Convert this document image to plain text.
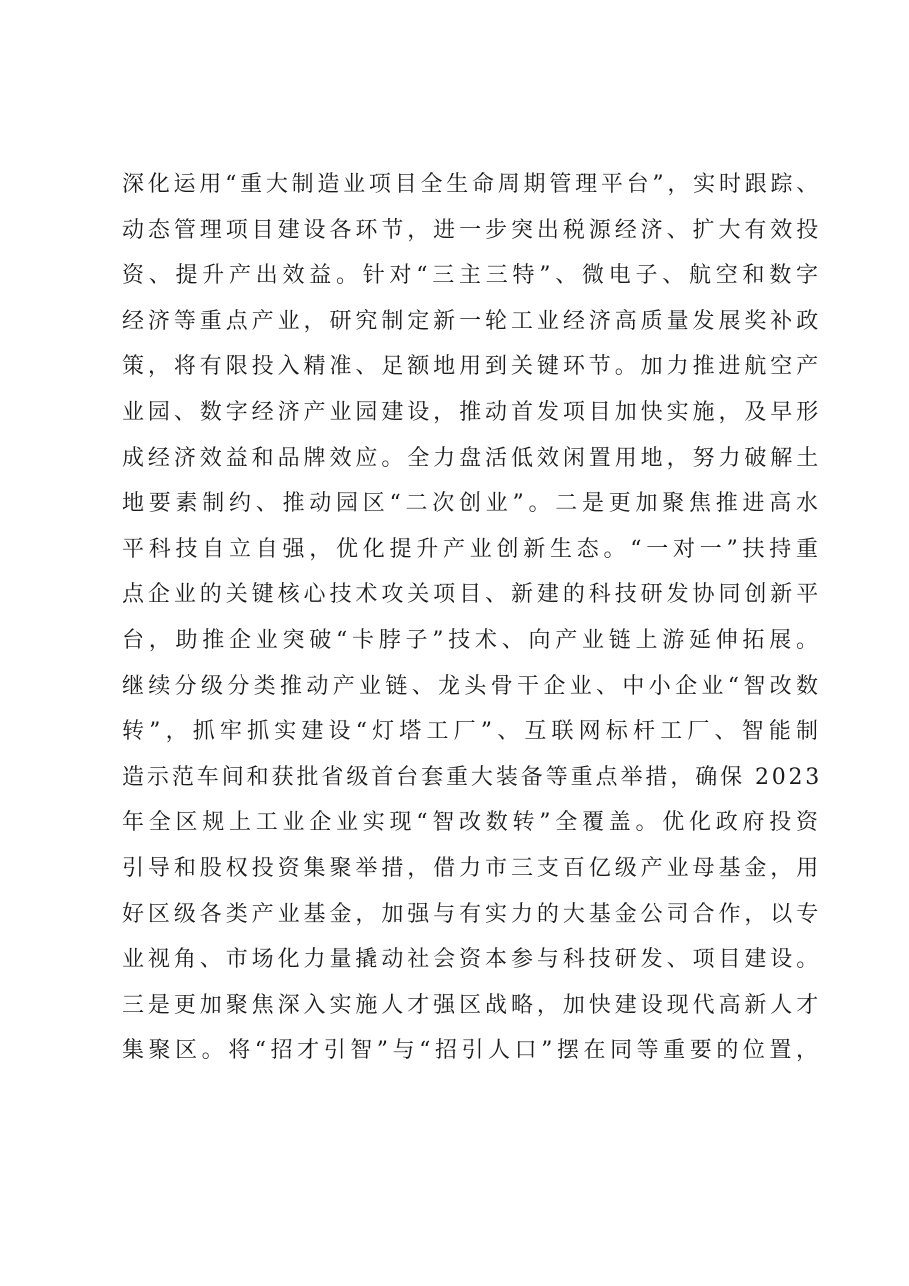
深化运用“重大制造业项目全生命周期管理平台”，实时跟踪、
动态管理项目建设各环节，进一步突出税源经济、扩大有效投
资、提升产出效益。针对“三主三特”、微电子、航空和数字
经济等重点产业，研究制定新一轮工业经济高质量发展奖补政
策，将有限投入精准、足额地用到关键环节。加力推进航空产
业园、数字经济产业园建设，推动首发项目加快实施，及早形
成经济效益和品牌效应。全力盘活低效闲置用地，努力破解土
地要素制约、推动园区“二次创业”。二是更加聚焦推进高水
平科技自立自强，优化提升产业创新生态。“一对一”扶持重
点企业的关键核心技术攻关项目、新建的科技研发协同创新平
台，助推企业突破“卡脖子”技术、向产业链上游延伸拓展。
继续分级分类推动产业链、龙头骨干企业、中小企业“智改数
转”，抓牢抓实建设“灯塔工厂”、互联网标杆工厂、智能制
造示范车间和获批省级首台套重大装备等重点举措，确保 2023
年全区规上工业企业实现“智改数转”全覆盖。优化政府投资
引导和股权投资集聚举措，借力市三支百亿级产业母基金，用
好区级各类产业基金，加强与有实力的大基金公司合作，以专
业视角、市场化力量撬动社会资本参与科技研发、项目建设。
三是更加聚焦深入实施人才强区战略，加快建设现代高新人才
集聚区。将“招才引智”与“招引人口”摆在同等重要的位置，
